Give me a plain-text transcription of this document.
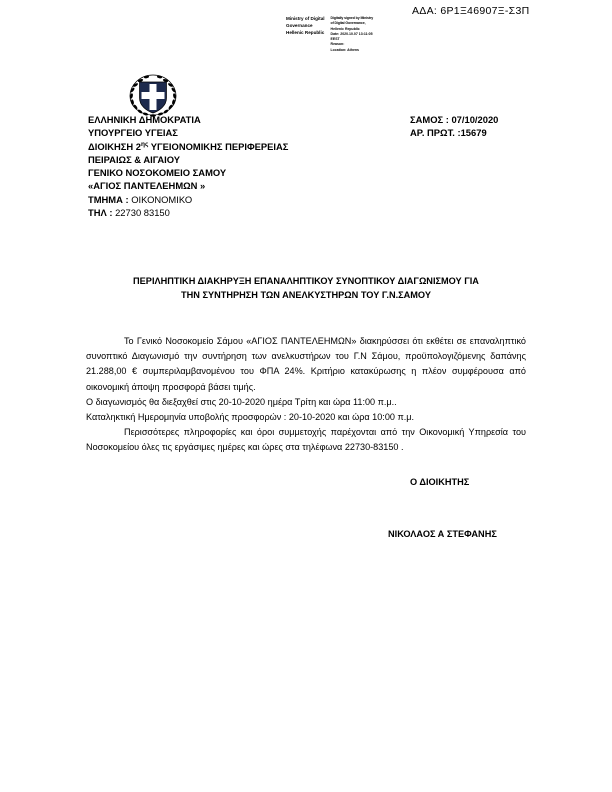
ΑΔΑ: 6Ρ1Ξ46907Ξ-Σ3Π
Ministry of Digital
Governance
Hellenic Republic
Digitally signed by Ministry
of Digital Governance,
Hellenic Republic
Date: 2020.10.07 13:11:05
EEST
Reason:
Location: Athens
ΕΛΛΗΝΙΚΗ ΔΗΜΟΚΡΑΤΙΑ
ΥΠΟΥΡΓΕΙΟ ΥΓΕΙΑΣ
ΔΙΟΙΚΗΣΗ $2^{\eta\varsigma}$ ΥΓΕΙΟΝΟΜΙΚΗΣ ΠΕΡΙΦΕΡΕΙΑΣ
ΠΕΙΡΑΙΩΣ & ΑΙΓΑΙΟΥ
ΓΕΝΙΚΟ ΝΟΣΟΚΟΜΕΙΟ ΣΑΜΟΥ
«ΑΓΙΟΣ ΠΑΝΤΕΛΕΗΜΩΝ »
ΤΜΗΜΑ : ΟΙΚΟΝΟΜΙΚΟ
ΤΗΛ : 22730 83150
ΣΑΜΟΣ : 07/10/2020
ΑΡ. ΠΡΩΤ. :15679
ΠΕΡΙΛΗΠΤΙΚΗ ΔΙΑΚΗΡΥΞΗ ΕΠΑΝΑΛΗΠΤΙΚΟΥ ΣΥΝΟΠΤΙΚΟΥ ΔΙΑΓΩΝΙΣΜΟΥ ΓΙΑ
ΤΗΝ ΣΥΝΤΗΡΗΣΗ ΤΩΝ ΑΝΕΛΚΥΣΤΗΡΩΝ ΤΟΥ Γ.Ν.ΣΑΜΟΥ

Το Γενικό Νοσοκομείο Σάμου «ΑΓΙΟΣ ΠΑΝΤΕΛΕΗΜΩΝ» διακηρύσσει ότι εκθέτει σε επαναληπτικό συνοπτικό Διαγωνισμό την συντήρηση των ανελκυστήρων του Γ.Ν Σάμου, προϋπολογιζόμενης δαπάνης 21.288,00 € συμπεριλαμβανομένου του ΦΠΑ 24%. Κριτήριο κατακύρωσης η πλέον συμφέρουσα από οικονομική άποψη προσφορά βάσει τιμής.

Ο διαγωνισμός θα διεξαχθεί στις 20-10-2020 ημέρα Τρίτη και ώρα 11:00 π.μ..
Καταληκτική Ημερομηνία υποβολής προσφορών : 20-10-2020 και ώρα 10:00 π.μ.

Περισσότερες πληροφορίες και όροι συμμετοχής παρέχονται από την Οικονομική Υπηρεσία του Νοσοκομείου όλες τις εργάσιμες ημέρες και ώρες στα τηλέφωνα 22730-83150 .

Ο ΔΙΟΙΚΗΤΗΣ
ΝΙΚΟΛΑΟΣ Α ΣΤΕΦΑΝΗΣ
